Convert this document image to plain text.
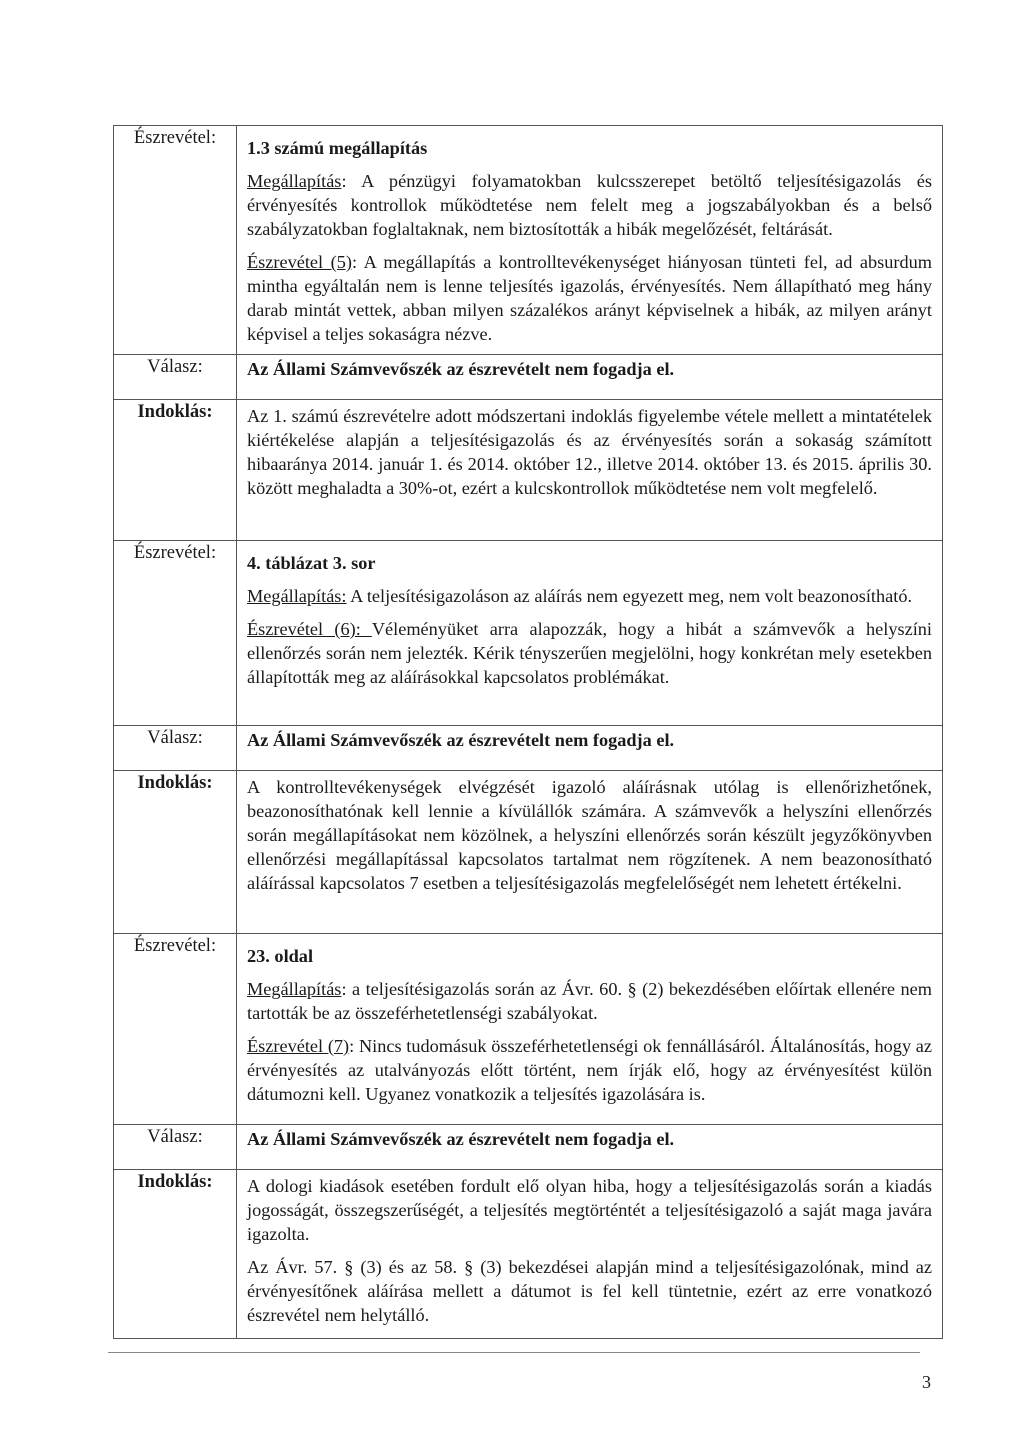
Észrevétel:	1.3 számú megállapítás

Megállapítás: A pénzügyi folyamatokban kulcsszerepet betöltő teljesítésigazolás és érvényesítés kontrollok működtetése nem felelt meg a jogszabályokban és a belső szabályzatokban foglaltaknak, nem biztosították a hibák megelőzését, feltárását.

Észrevétel (5): A megállapítás a kontrolltevékenységet hiányosan tünteti fel, ad absurdum mintha egyáltalán nem is lenne teljesítés igazolás, érvényesítés. Nem állapítható meg hány darab mintát vettek, abban milyen százalékos arányt képviselnek a hibák, az milyen arányt képvisel a teljes sokaságra nézve.

Válasz:	Az Állami Számvevőszék az észrevételt nem fogadja el.
Indoklás:	Az 1. számú észrevételre adott módszertani indoklás figyelembe vétele mellett a mintatételek kiértékelése alapján a teljesítésigazolás és az érvényesítés során a sokaság számított hibaaránya 2014. január 1. és 2014. október 12., illetve 2014. október 13. és 2015. április 30. között meghaladta a 30%-ot, ezért a kulcskontrollok működtetése nem volt megfelelő.

Észrevétel:	4. táblázat 3. sor

Megállapítás: A teljesítésigazoláson az aláírás nem egyezett meg, nem volt beazonosítható.

Észrevétel (6): Véleményüket arra alapozzák, hogy a hibát a számvevők a helyszíni ellenőrzés során nem jelezték. Kérik tényszerűen megjelölni, hogy konkrétan mely esetekben állapították meg az aláírásokkal kapcsolatos problémákat.

Válasz:	Az Állami Számvevőszék az észrevételt nem fogadja el.
Indoklás:	A kontrolltevékenységek elvégzését igazoló aláírásnak utólag is ellenőrizhetőnek, beazonosíthatónak kell lennie a kívülállók számára. A számvevők a helyszíni ellenőrzés során megállapításokat nem közölnek, a helyszíni ellenőrzés során készült jegyzőkönyvben ellenőrzési megállapítással kapcsolatos tartalmat nem rögzítenek. A nem beazonosítható aláírással kapcsolatos 7 esetben a teljesítésigazolás megfelelőségét nem lehetett értékelni.

Észrevétel:	23. oldal

Megállapítás: a teljesítésigazolás során az Ávr. 60. § (2) bekezdésében előírtak ellenére nem tartották be az összeférhetetlenségi szabályokat.

Észrevétel (7): Nincs tudomásuk összeférhetetlenségi ok fennállásáról. Általánosítás, hogy az érvényesítés az utalványozás előtt történt, nem írják elő, hogy az érvényesítést külön dátumozni kell. Ugyanez vonatkozik a teljesítés igazolására is.

Válasz:	Az Állami Számvevőszék az észrevételt nem fogadja el.
Indoklás:	A dologi kiadások esetében fordult elő olyan hiba, hogy a teljesítésigazolás során a kiadás jogosságát, összegszerűségét, a teljesítés megtörténtét a teljesítésigazoló a saját maga javára igazolta.

Az Ávr. 57. § (3) és az 58. § (3) bekezdései alapján mind a teljesítésigazolónak, mind az érvényesítőnek aláírása mellett a dátumot is fel kell tüntetnie, ezért az erre vonatkozó észrevétel nem helytálló.

3
